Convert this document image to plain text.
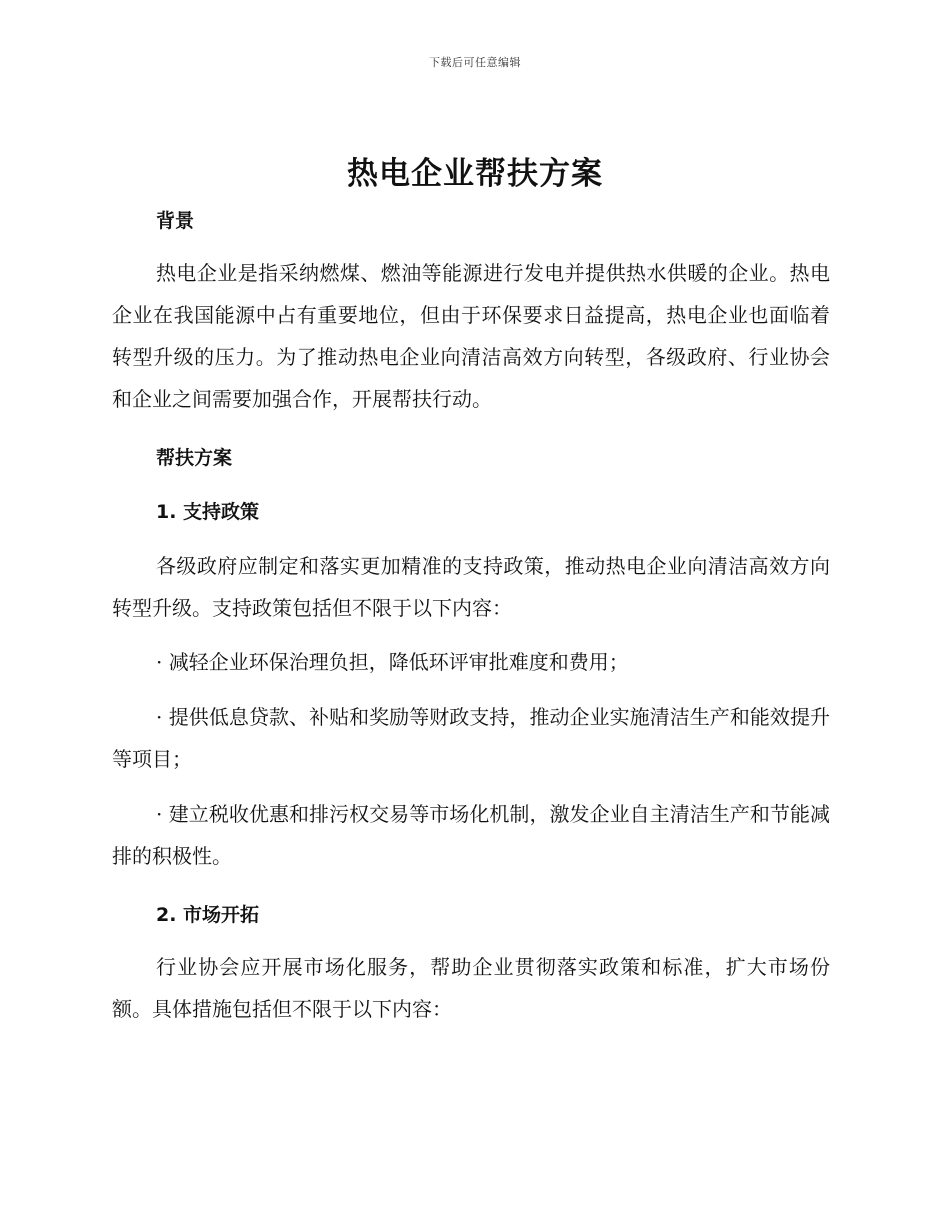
下载后可任意编辑
热电企业帮扶方案
背景

热电企业是指采纳燃煤、燃油等能源进行发电并提供热水供暖的企业。热电企业在我国能源中占有重要地位，但由于环保要求日益提高，热电企业也面临着转型升级的压力。为了推动热电企业向清洁高效方向转型，各级政府、行业协会和企业之间需要加强合作，开展帮扶行动。

帮扶方案
1. 支持政策

各级政府应制定和落实更加精准的支持政策，推动热电企业向清洁高效方向转型升级。支持政策包括但不限于以下内容：

· 减轻企业环保治理负担，降低环评审批难度和费用；

· 提供低息贷款、补贴和奖励等财政支持，推动企业实施清洁生产和能效提升等项目；

· 建立税收优惠和排污权交易等市场化机制，激发企业自主清洁生产和节能减排的积极性。

2. 市场开拓

行业协会应开展市场化服务，帮助企业贯彻落实政策和标准，扩大市场份额。具体措施包括但不限于以下内容：
